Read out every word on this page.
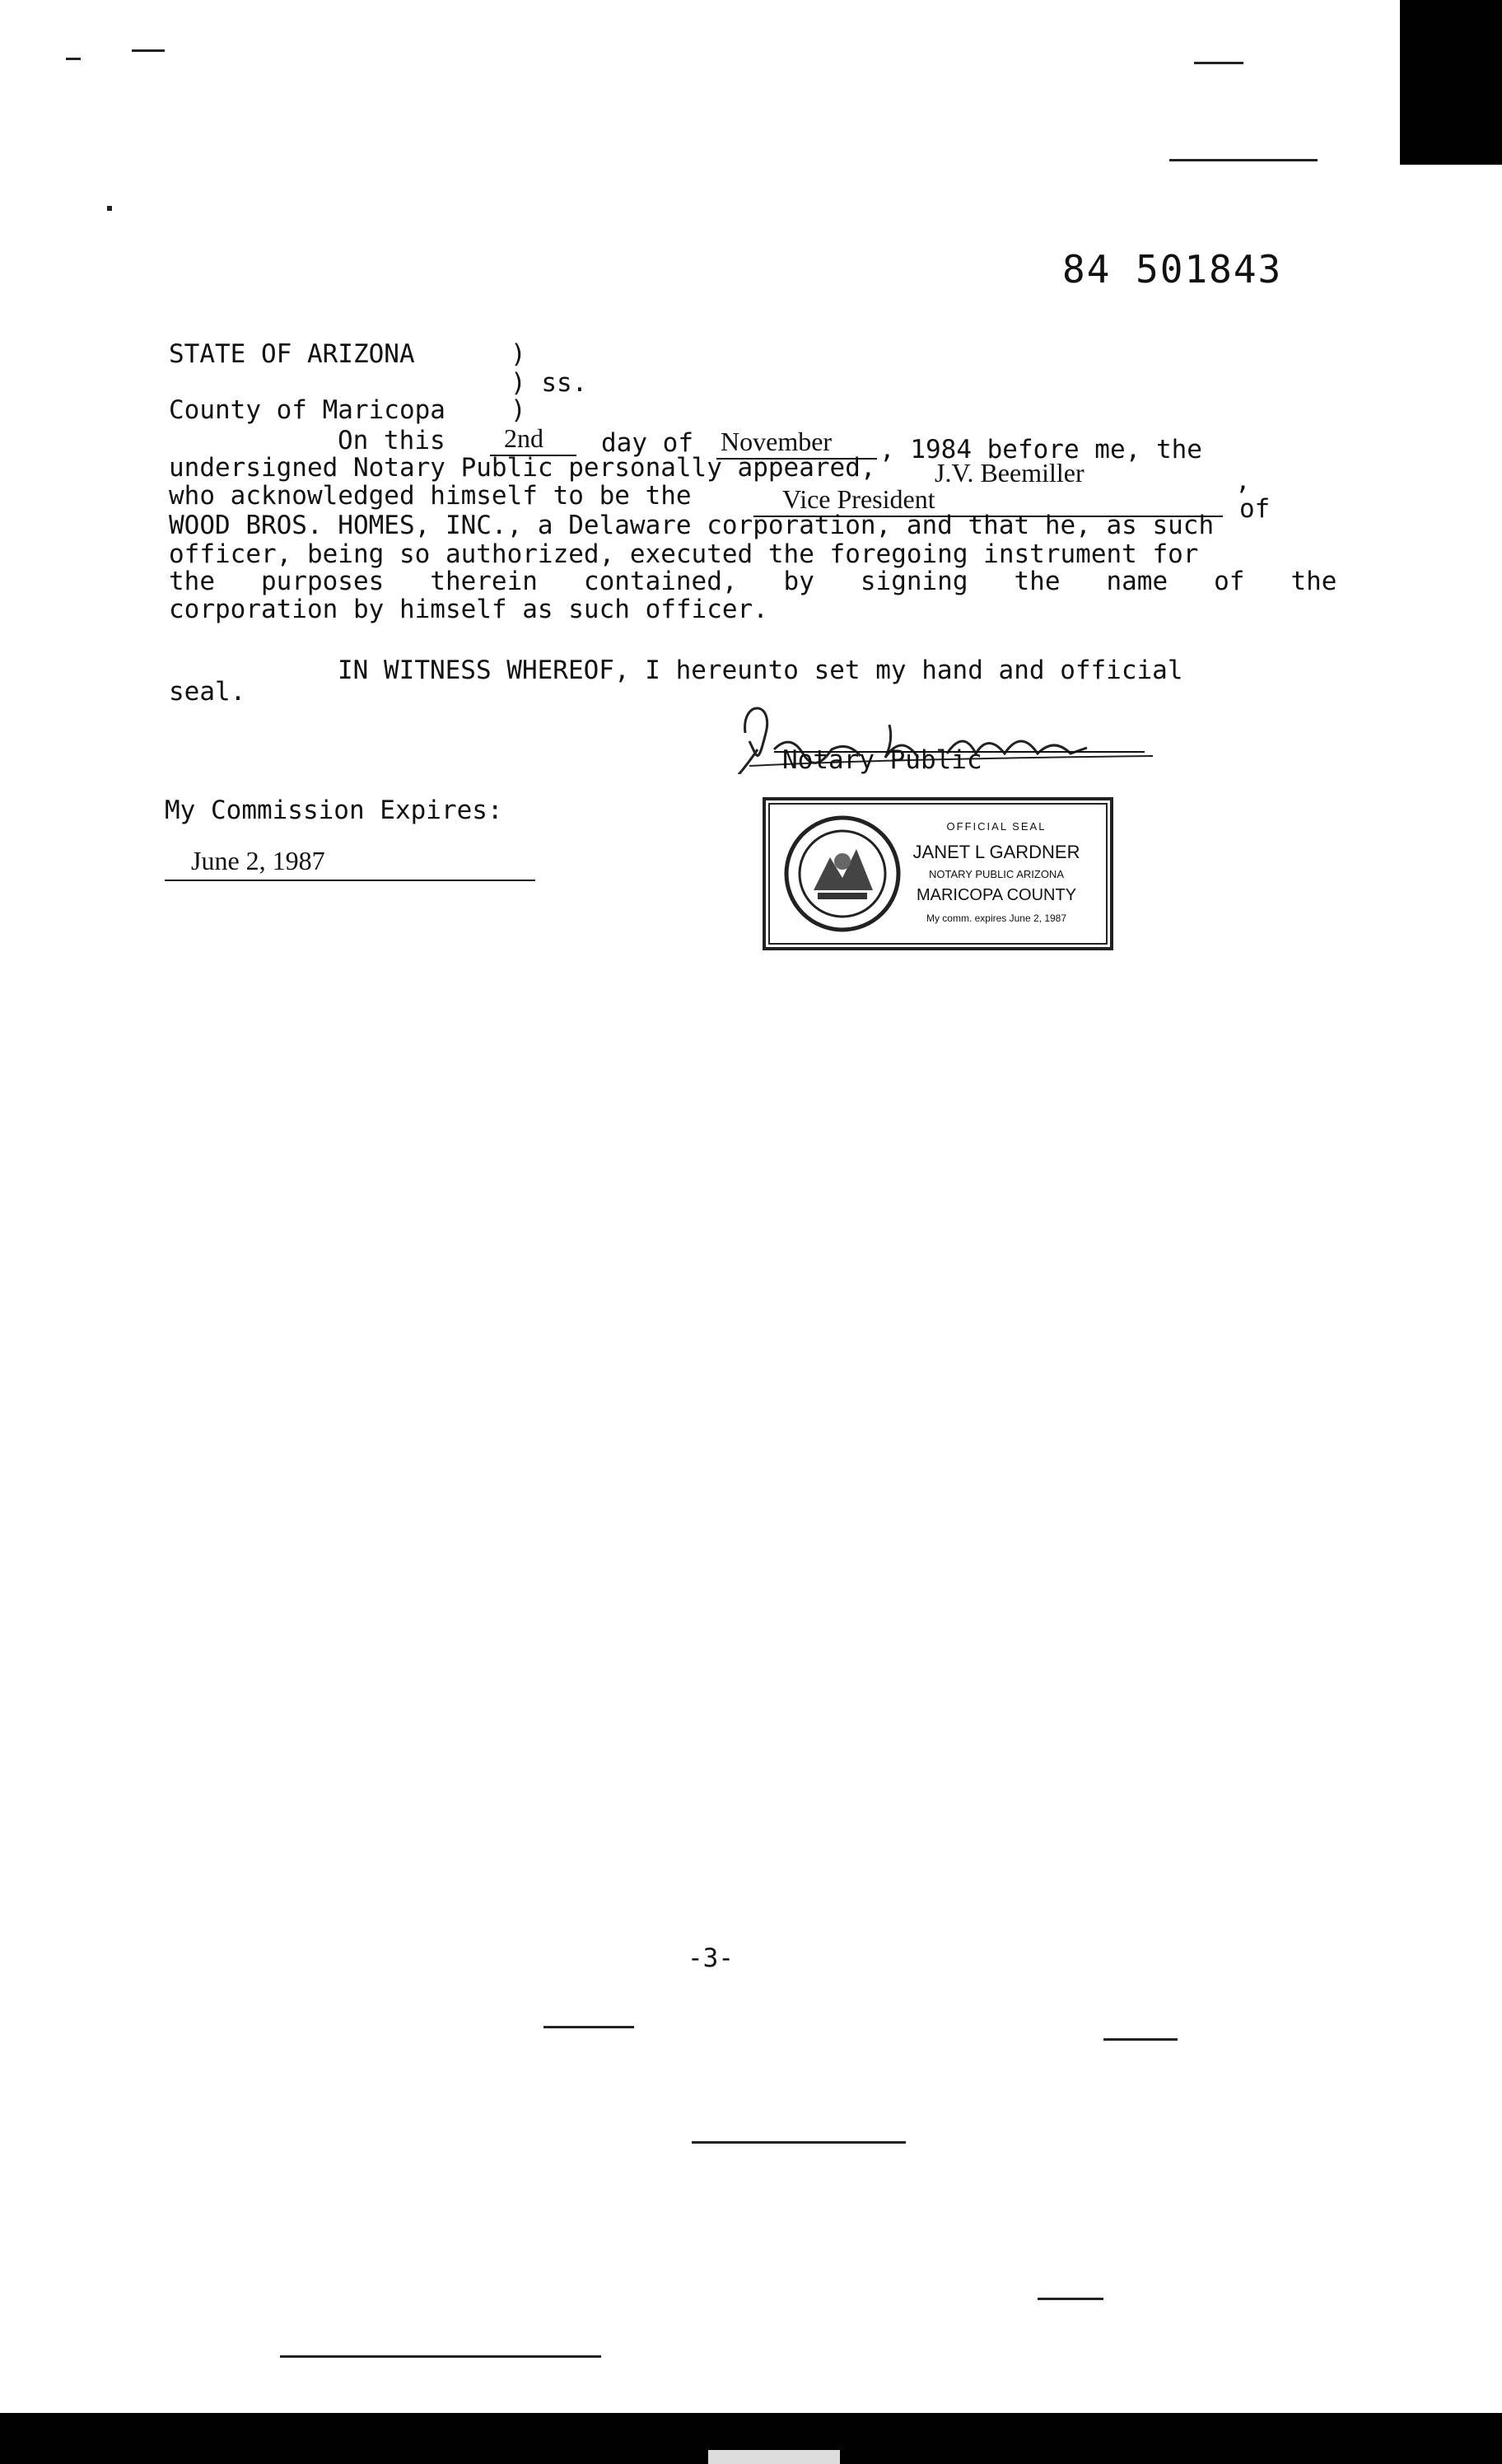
84 501843
STATE OF ARIZONA	)
) ss.
County of Maricopa	)
On this 2nd day of November , 1984 before me, the
undersigned Notary Public personally appeared, J.V. Beemiller	,
who acknowledged himself to be the	Vice President	of
WOOD BROS. HOMES, INC., a Delaware corporation, and that he, as such
officer, being so authorized, executed the foregoing instrument for
the   purposes   therein   contained,   by   signing   the   name   of   the
corporation by himself as such officer.
IN WITNESS WHEREOF, I hereunto set my hand and official
seal.
Notary Public
My Commission Expires:
June 2, 1987
OFFICIAL SEAL
JANET L GARDNER
NOTARY PUBLIC ARIZONA
MARICOPA COUNTY
My comm. expires June 2, 1987
-3-
